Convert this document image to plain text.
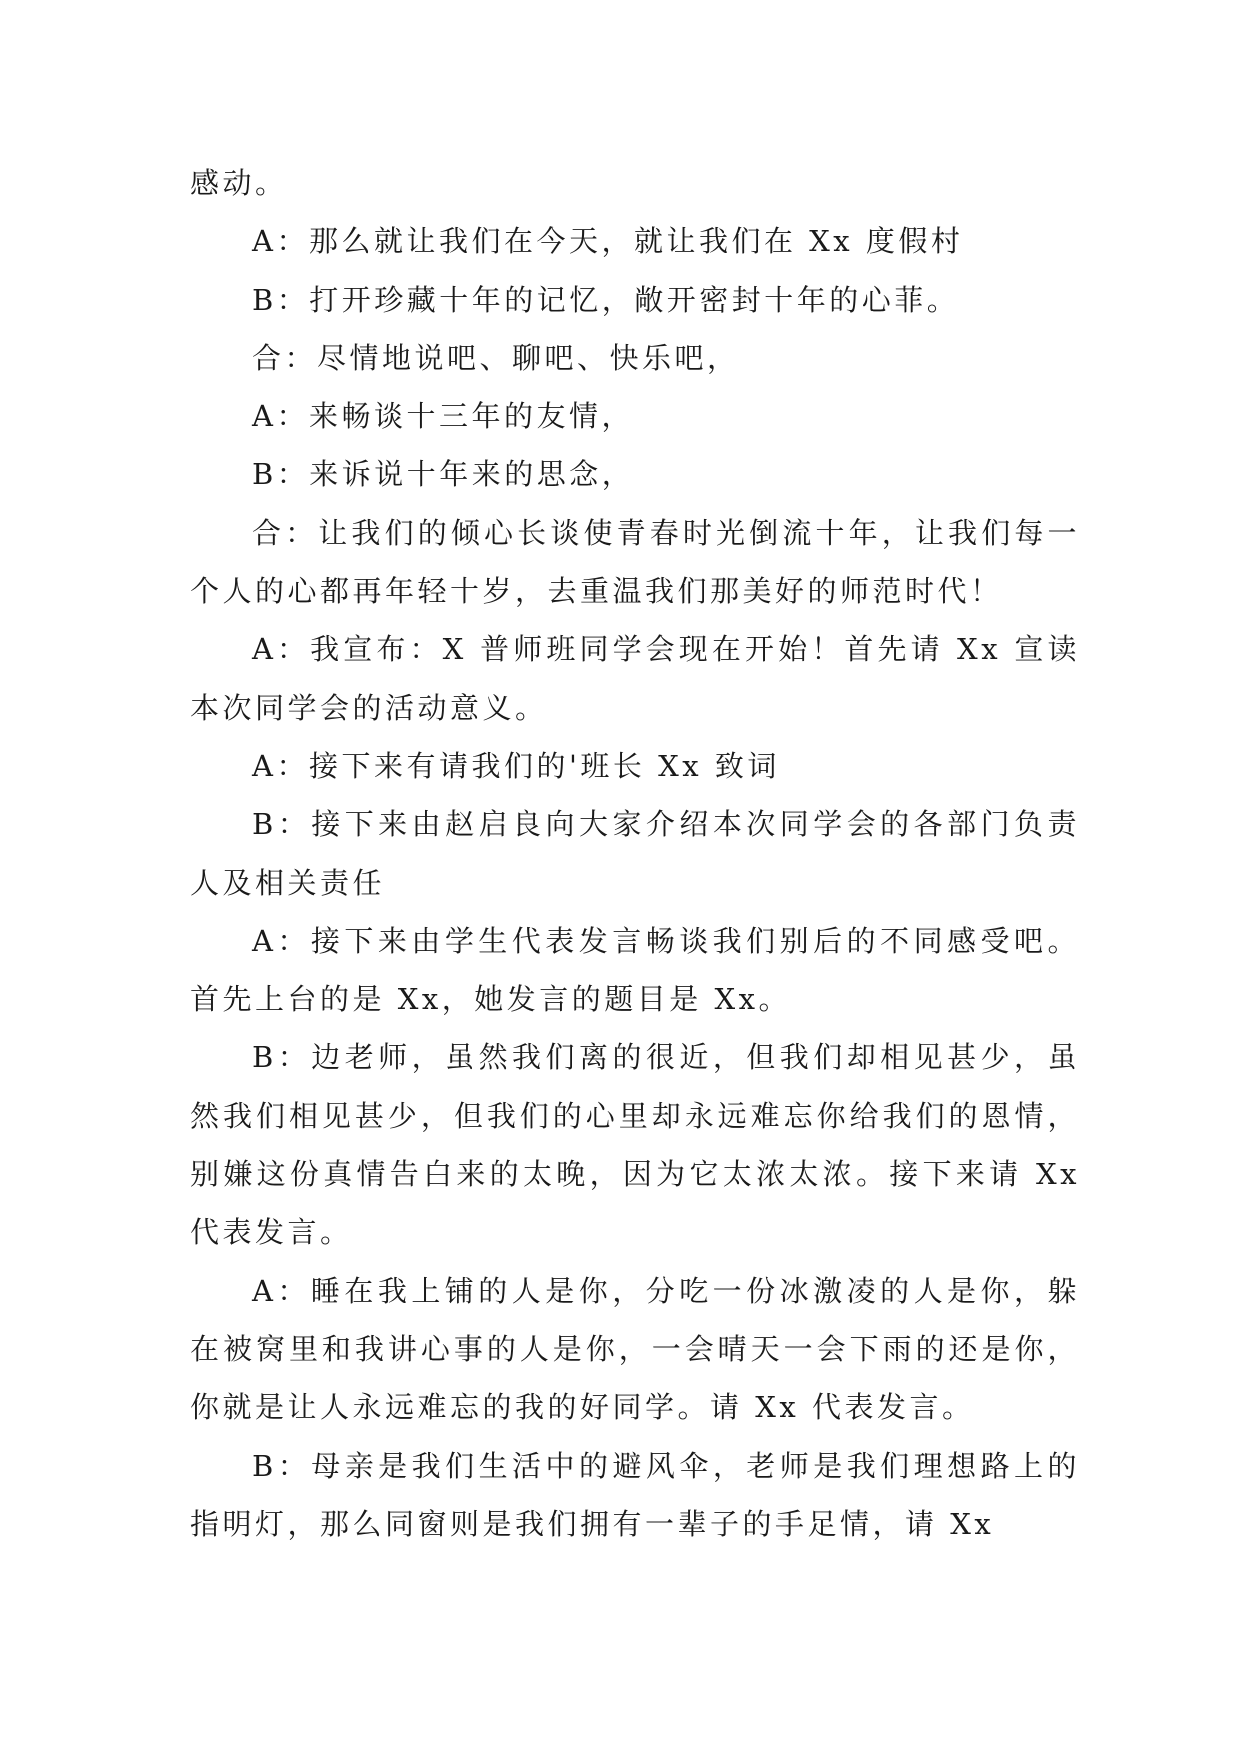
感动。

A：那么就让我们在今天，就让我们在 Xx 度假村

B：打开珍藏十年的记忆，敞开密封十年的心菲。

合：尽情地说吧、聊吧、快乐吧，

A：来畅谈十三年的友情，

B：来诉说十年来的思念，

合：让我们的倾心长谈使青春时光倒流十年，让我们每一个人的心都再年轻十岁，去重温我们那美好的师范时代！

A：我宣布：X 普师班同学会现在开始！首先请 Xx 宣读本次同学会的活动意义。

A：接下来有请我们的'班长 Xx 致词

B：接下来由赵启良向大家介绍本次同学会的各部门负责人及相关责任

A：接下来由学生代表发言畅谈我们别后的不同感受吧。首先上台的是 Xx，她发言的题目是 Xx。

B：边老师，虽然我们离的很近，但我们却相见甚少，虽然我们相见甚少，但我们的心里却永远难忘你给我们的恩情，别嫌这份真情告白来的太晚，因为它太浓太浓。接下来请 Xx 代表发言。

A：睡在我上铺的人是你，分吃一份冰激凌的人是你，躲在被窝里和我讲心事的人是你，一会晴天一会下雨的还是你，你就是让人永远难忘的我的好同学。请 Xx 代表发言。

B：母亲是我们生活中的避风伞，老师是我们理想路上的指明灯，那么同窗则是我们拥有一辈子的手足情，请 Xx
